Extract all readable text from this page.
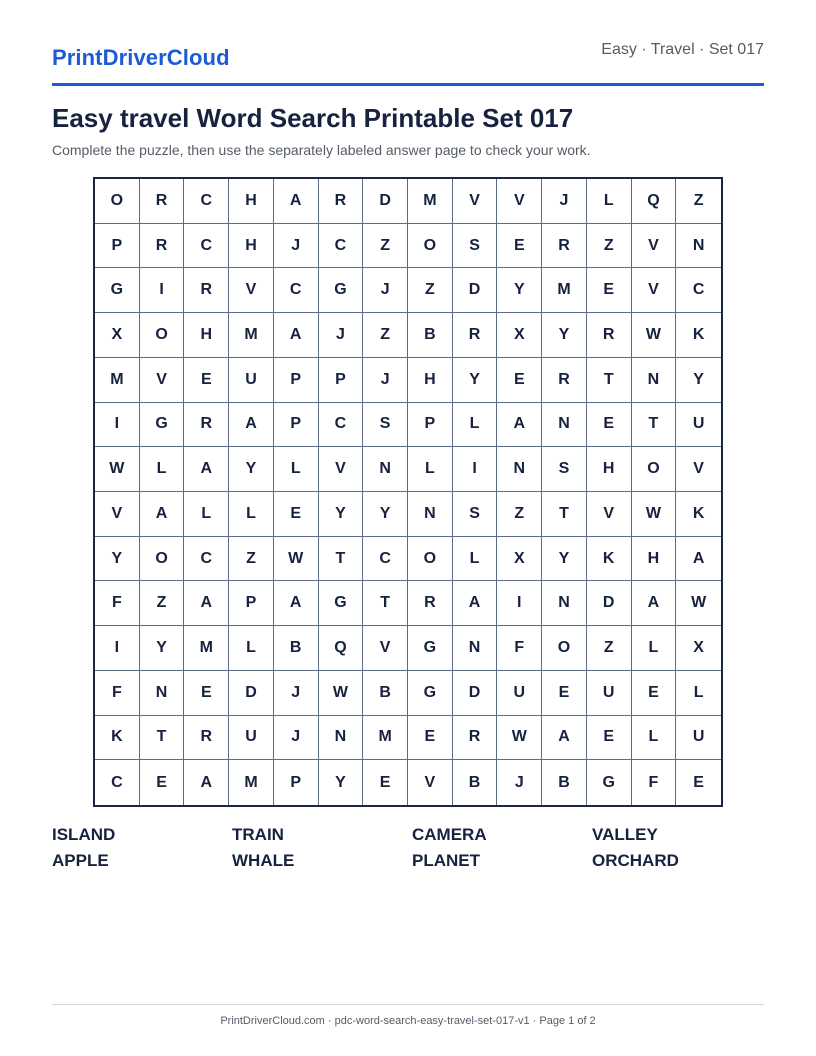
PrintDriverCloud	Easy · Travel · Set 017
Easy travel Word Search Printable Set 017
Complete the puzzle, then use the separately labeled answer page to check your work.
O	R	C	H	A	R	D	M	V	V	J	L	Q	Z
P	R	C	H	J	C	Z	O	S	E	R	Z	V	N
G	I	R	V	C	G	J	Z	D	Y	M	E	V	C
X	O	H	M	A	J	Z	B	R	X	Y	R	W	K
M	V	E	U	P	P	J	H	Y	E	R	T	N	Y
I	G	R	A	P	C	S	P	L	A	N	E	T	U
W	L	A	Y	L	V	N	L	I	N	S	H	O	V
V	A	L	L	E	Y	Y	N	S	Z	T	V	W	K
Y	O	C	Z	W	T	C	O	L	X	Y	K	H	A
F	Z	A	P	A	G	T	R	A	I	N	D	A	W
I	Y	M	L	B	Q	V	G	N	F	O	Z	L	X
F	N	E	D	J	W	B	G	D	U	E	U	E	L
K	T	R	U	J	N	M	E	R	W	A	E	L	U
C	E	A	M	P	Y	E	V	B	J	B	G	F	E
ISLAND	TRAIN	CAMERA	VALLEY
APPLE	WHALE	PLANET	ORCHARD
PrintDriverCloud.com · pdc-word-search-easy-travel-set-017-v1 · Page 1 of 2
